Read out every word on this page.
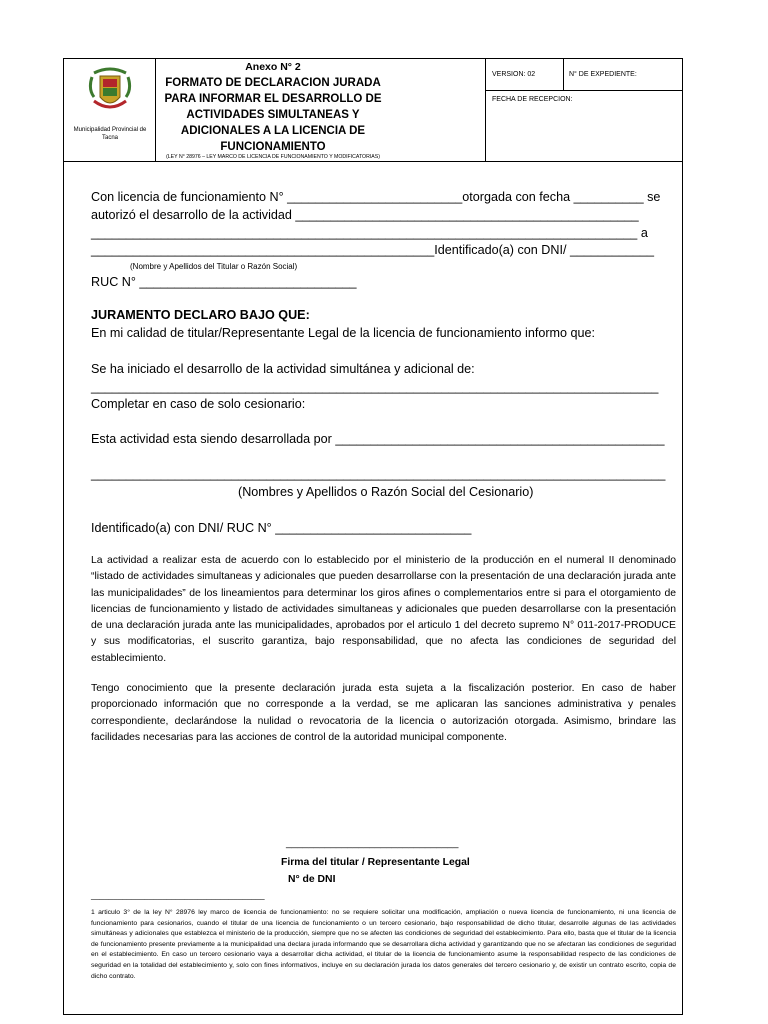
Municipalidad Provincial de Tacna
Anexo N° 2
FORMATO DE DECLARACION JURADA PARA INFORMAR EL DESARROLLO DE ACTIVIDADES SIMULTANEAS Y ADICIONALES A LA LICENCIA DE FUNCIONAMIENTO
(LEY N° 28976 – LEY MARCO DE LICENCIA DE FUNCIONAMIENTO Y MODIFICATORIAS)
VERSION: 02	N° DE EXPEDIENTE:
FECHA DE RECEPCION:
Con licencia de funcionamiento N° _________________________otorgada con fecha __________ se
autorizó el desarrollo de la actividad _________________________________________________
______________________________________________________________________________ a
_________________________________________________Identificado(a) con DNI/ ____________
(Nombre y Apellidos del Titular o Razón Social)
RUC N° _______________________________
JURAMENTO DECLARO BAJO QUE:
En mi calidad de titular/Representante Legal de la licencia de funcionamiento informo que:
Se ha iniciado el desarrollo de la actividad simultánea y adicional de:
_________________________________________________________________________________
Completar en caso de solo cesionario:
Esta actividad esta siendo desarrollada por _______________________________________________
__________________________________________________________________________________
(Nombres y Apellidos o Razón Social del Cesionario)
Identificado(a) con DNI/ RUC N° ____________________________
La actividad a realizar esta de acuerdo con lo establecido por el ministerio de la producción en el numeral II denominado “listado de actividades simultaneas y adicionales que pueden desarrollarse con la presentación de una declaración jurada ante las municipalidades” de los lineamientos para determinar los giros afines o complementarios entre si para el otorgamiento de licencias de funcionamiento y listado de actividades simultaneas y adicionales que pueden desarrollarse con la presentación de una declaración jurada ante las municipalidades, aprobados por el articulo 1 del decreto supremo N° 011-2017-PRODUCE y sus modificatorias, el suscrito garantiza, bajo responsabilidad, que no afecta las condiciones de seguridad del establecimiento.
Tengo conocimiento que la presente declaración jurada esta sujeta a la fiscalización posterior. En caso de haber proporcionado información que no corresponde a la verdad, se me aplicaran las sanciones administrativa y penales correspondiente, declarándose la nulidad o revocatoria de la licencia o autorización otorgada. Asimismo, brindare las facilidades necesarias para las acciones de control de la autoridad municipal componente.
_______________________________
Firma del titular / Representante Legal
N° de DNI
_______________________________________
1 articulo 3° de la ley N° 28976 ley marco de licencia de funcionamiento: no se requiere solicitar una modificación, ampliación o nueva licencia de funcionamiento, ni una licencia de funcionamiento para cesionarios, cuando el titular de una licencia de funcionamiento o un tercero cesionario, bajo responsabilidad de dicho titular, desarrolle algunas de las actividades simultáneas y adicionales que establezca el ministerio de la producción, siempre que no se afecten las condiciones de seguridad del establecimiento. Para ello, basta que el titular de la licencia de funcionamiento presente previamente a la municipalidad una declara jurada informando que se desarrollara dicha actividad y garantizando que no se afectaran las condiciones de seguridad en el establecimiento. En caso un tercero cesionario vaya a desarrollar dicha actividad, el titular de la licencia de funcionamiento asume la responsabilidad respecto de las condiciones de seguridad en la totalidad del establecimiento y, solo con fines informativos, incluye en su declaración jurada los datos generales del tercero cesionario y, de existir un contrato escrito, copia de dicho contrato.
